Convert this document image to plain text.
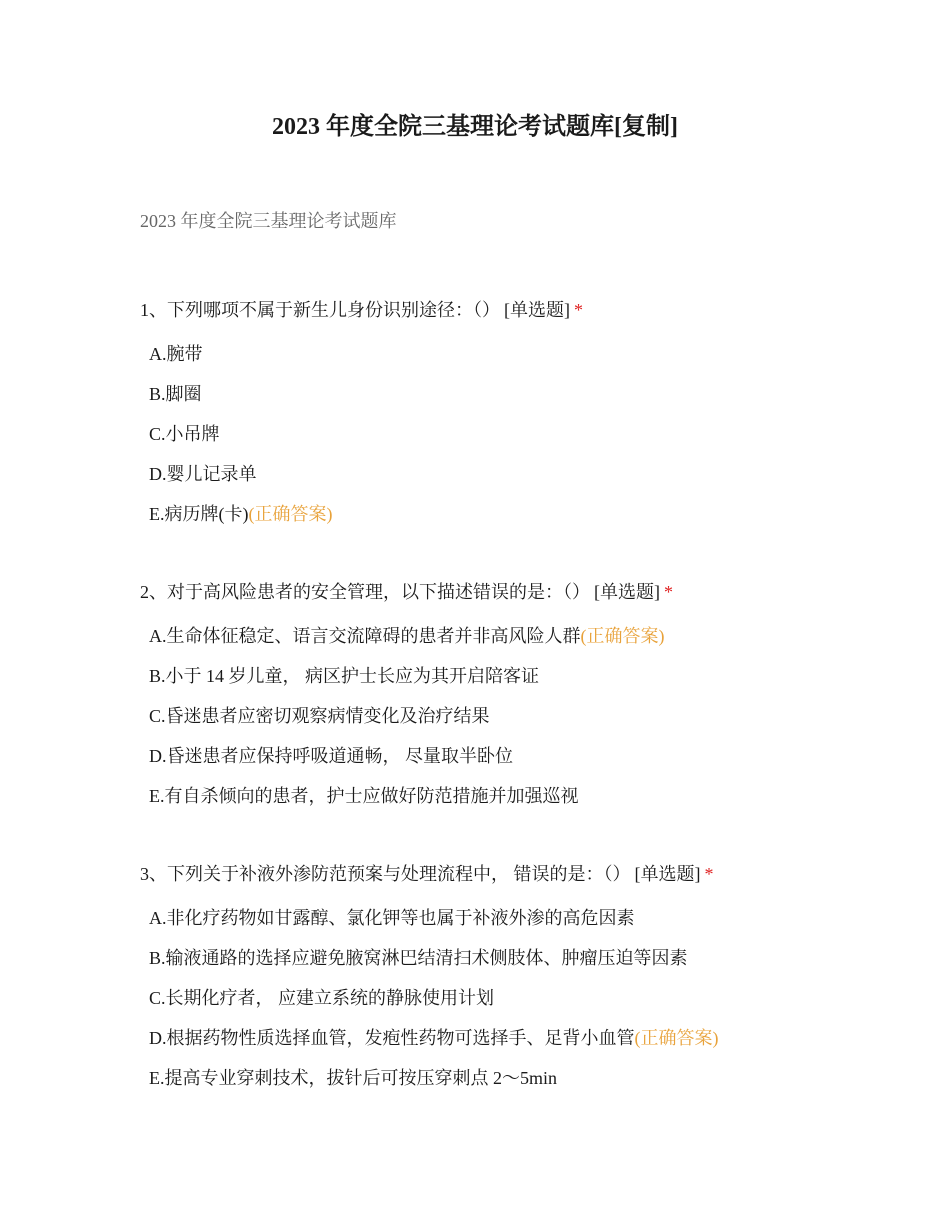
2023 年度全院三基理论考试题库[复制]
2023 年度全院三基理论考试题库
1、下列哪项不属于新生儿身份识别途径：（） [单选题] *
A.腕带
B.脚圈
C.小吊牌
D.婴儿记录单
E.病历牌(卡)(正确答案)
2、对于高风险患者的安全管理，以下描述错误的是：（） [单选题] *
A.生命体征稳定、语言交流障碍的患者并非高风险人群(正确答案)
B.小于 14 岁儿童， 病区护士长应为其开启陪客证
C.昏迷患者应密切观察病情变化及治疗结果
D.昏迷患者应保持呼吸道通畅， 尽量取半卧位
E.有自杀倾向的患者，护士应做好防范措施并加强巡视
3、下列关于补液外渗防范预案与处理流程中， 错误的是：（） [单选题] *
A.非化疗药物如甘露醇、氯化钾等也属于补液外渗的高危因素
B.输液通路的选择应避免腋窝淋巴结清扫术侧肢体、肿瘤压迫等因素
C.长期化疗者， 应建立系统的静脉使用计划
D.根据药物性质选择血管，发疱性药物可选择手、足背小血管(正确答案)
E.提高专业穿刺技术，拔针后可按压穿刺点 2～5min
